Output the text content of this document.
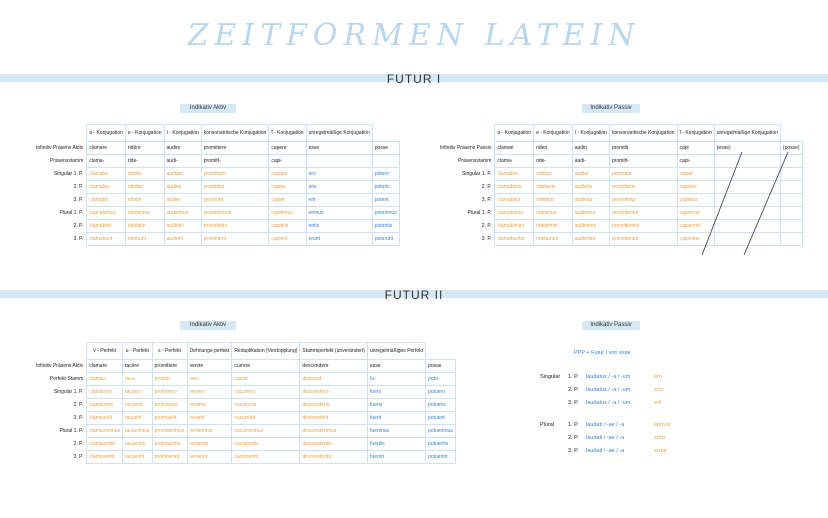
ZEITFORMEN LATEIN
FUTUR I
Indikativ Aktiv	Indikativ Passiv
	a - Konjugation	e - Konjugation	ī - Konjugation	konsonantische Konjugation	ĭ - Konjugation	unregelmäßige Konjugation	
Infinitiv Präsens Aktiv	clamare	ridēre	audire	promittere	capere	esse	posse
Präsensstamm	clama-	ride-	audi-	promitt-	capi-		
Singular 1. P.	clamabo	ridebo	audiam	promittam	capiam	ero	potero
2. P.	clamabis	ridebis	audies	promittes	capies	eris	poteris
3. P.	clamabit	ridebit	audiet	promittet	capiet	erit	poterit
Plural 1. P.	clamabimus	ridebimus	audiemus	promittemus	capiemus	erimus	poterimus
2. P.	clamabitis	ridebitis	audietis	promittetis	capietis	eritis	poteritis
3. P.	clamabunt	ridebunt	audient	promittent	capient	erunt	poterunt
	a - Konjugation	e - Konjugation	ī - Konjugation	konsonantische Konjugation	ĭ - Konjugation	unregelmäßige Konjugation	
Infinitiv Präsens Passiv	clamari	rideri	audiri	promitti	capi	(esse)	(posse)
Präsensstamm	clama-	ride-	audi-	promitt-	capi-		
Singular 1. P.	clamabor	ridebor	audiar	promittar	capiar		
2. P.	clamaberis	rideberis	audieris	promitteris	capieris		
3. P.	clamabitur	ridebitur	audietur	promittetur	capietur		
Plural 1. P.	clamabimur	ridebimur	audiemur	promittemur	capiemur		
2. P.	clamabimini	ridebimini	audiemini	promittemini	capiemini		
3. P.	clamabuntur	ridebuntur	audientur	promittentur	capientur		
FUTUR II
Indikativ Aktiv	Indikativ Passiv
	v - Perfekt	u - Perfekt	s - Perfekt	Dehnungs-perfekt	Reduplikation (Verdopplung)	Stammperfekt (unverändert)	unregelmäßiges Perfekt	
Infinitiv Präsens Aktiv	clamare	tacēre	promittere	venire	currere	descendere	esse	posse
Perfekt-Stamm	clamav-	tacu-	promis-	ven-	cucurr-	descend-	fu-	potu-
Singular 1. P.	clamavero	tacuero	promisero	venero	cucurrero	descendero	fuero	potuero
2. P.	clamaveris	tacueris	promiseris	veneris	cucurreris	descenderis	fueris	potueris
3. P.	clamaverit	tacuerit	promiserit	venerit	cucurrerit	descenderit	fuerit	potuerit
Plural 1. P.	clamaverimus	tacuerimus	promiserimus	venerimus	cucurrerimus	descenderimus	fuerimus	potuerimus
2. P.	clamaveritis	tacueritis	promiseritis	veneritis	cucurreritis	descenderitis	fueritis	potueritis
3. P.	clamaverint	tacuerint	promiserint	venerint	cucurrerint	descenderint	fuerint	potuerint
PPP + Futur I von esse
Singular 1. P. laudatus / -a / -um	ero
2. P. laudatus / -a / -um	eris
3. P. laudatus / -a / -um	erit
Plural	1. P. laudati / -ae / -a	erimus
2. P. laudati / -ae / -a	eritis
3. P. laudati / -ae / -a	erunt
